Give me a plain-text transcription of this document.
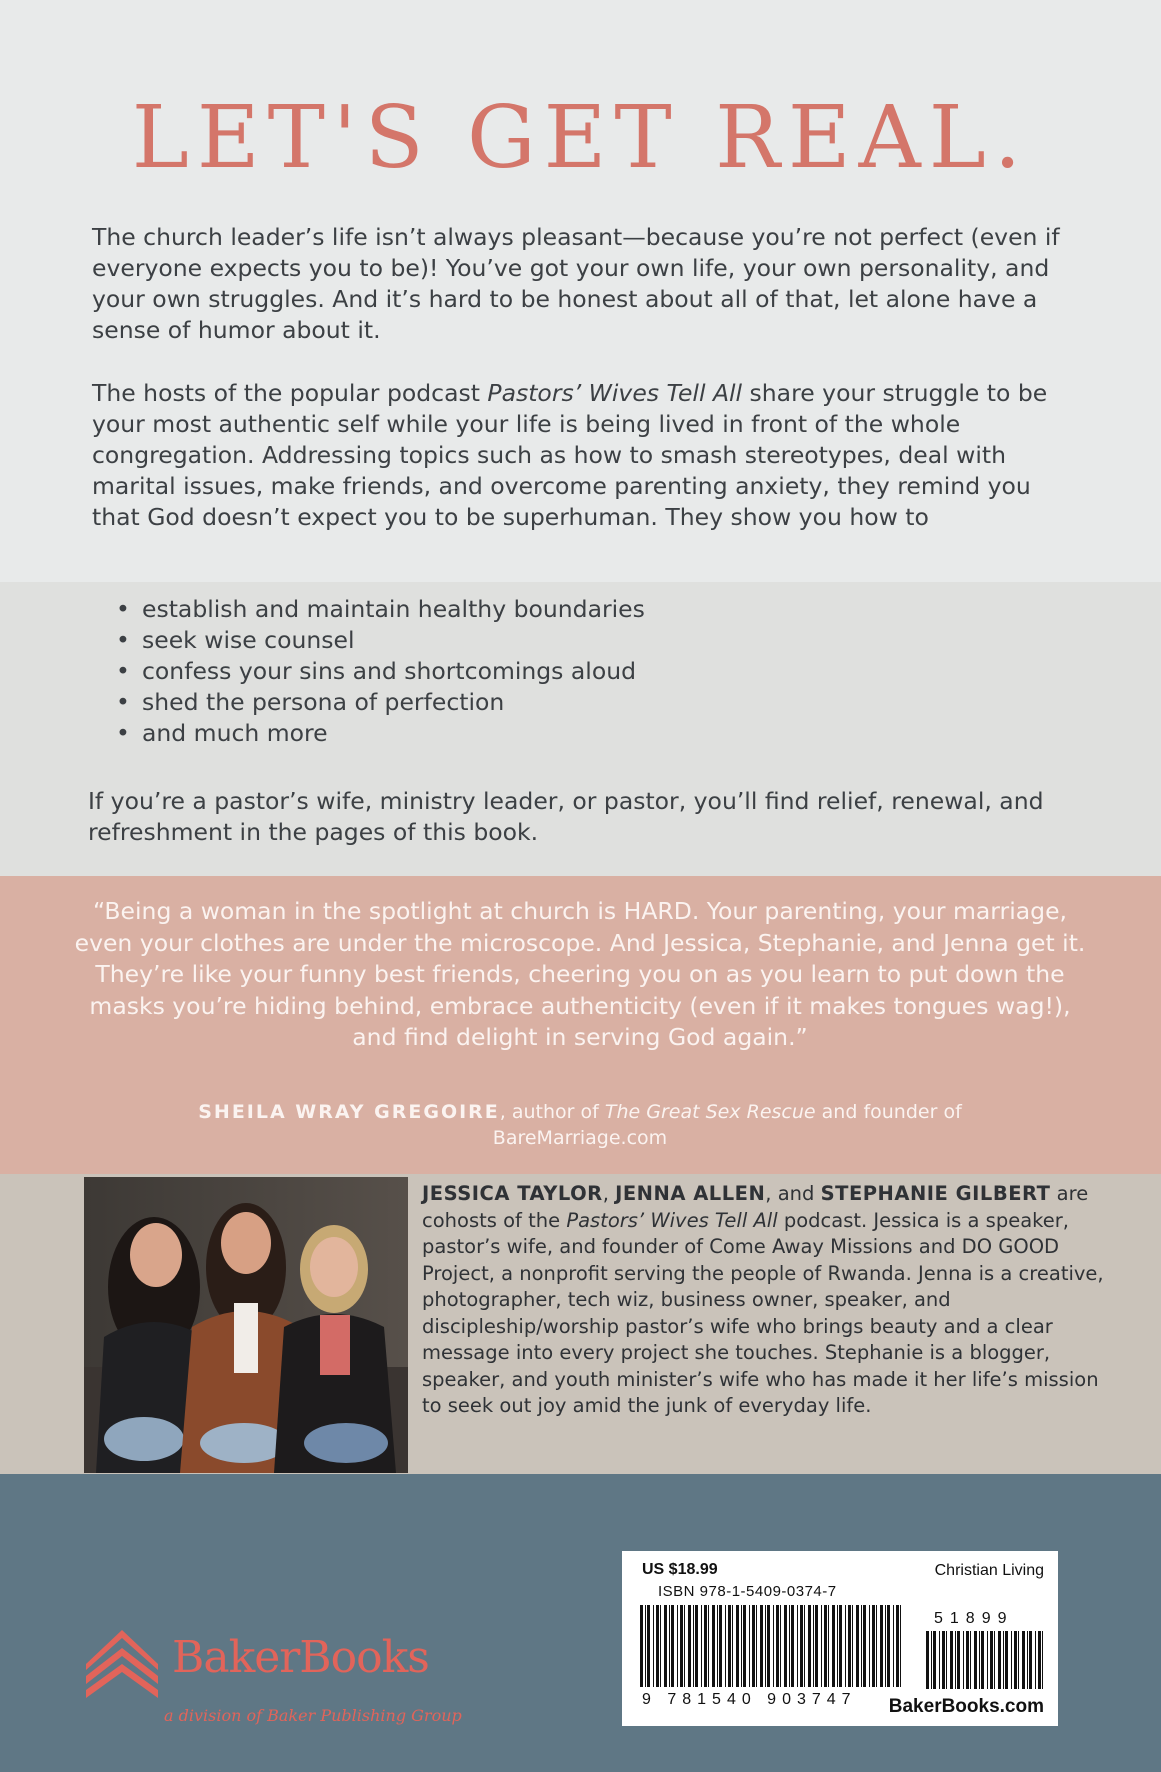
LET'S GET REAL.

The church leader’s life isn’t always pleasant—because you’re not perfect (even if everyone expects you to be)! You’ve got your own life, your own personality, and your own struggles. And it’s hard to be honest about all of that, let alone have a sense of humor about it.

The hosts of the popular podcast Pastors’ Wives Tell All share your struggle to be your most authentic self while your life is being lived in front of the whole congregation. Addressing topics such as how to smash stereotypes, deal with marital issues, make friends, and overcome parenting anxiety, they remind you that God doesn’t expect you to be superhuman. They show you how to

• establish and maintain healthy boundaries
• seek wise counsel
• confess your sins and shortcomings aloud
• shed the persona of perfection
• and much more

If you’re a pastor’s wife, ministry leader, or pastor, you’ll find relief, renewal, and refreshment in the pages of this book.

“Being a woman in the spotlight at church is HARD. Your parenting, your marriage, even your clothes are under the microscope. And Jessica, Stephanie, and Jenna get it. They’re like your funny best friends, cheering you on as you learn to put down the masks you’re hiding behind, embrace authenticity (even if it makes tongues wag!), and find delight in serving God again.”

SHEILA WRAY GREGOIRE, author of The Great Sex Rescue and founder of BareMarriage.com

JESSICA TAYLOR, JENNA ALLEN, and STEPHANIE GILBERT are cohosts of the Pastors’ Wives Tell All podcast. Jessica is a speaker, pastor’s wife, and founder of Come Away Missions and DO GOOD Project, a nonprofit serving the people of Rwanda. Jenna is a creative, photographer, tech wiz, business owner, speaker, and discipleship/worship pastor’s wife who brings beauty and a clear message into every project she touches. Stephanie is a blogger, speaker, and youth minister’s wife who has made it her life’s mission to seek out joy amid the junk of everyday life.

BakerBooks
a division of Baker Publishing Group
US $18.99	Christian Living
ISBN 978-1-5409-0374-7
9 781540 903747
51899
BakerBooks.com
